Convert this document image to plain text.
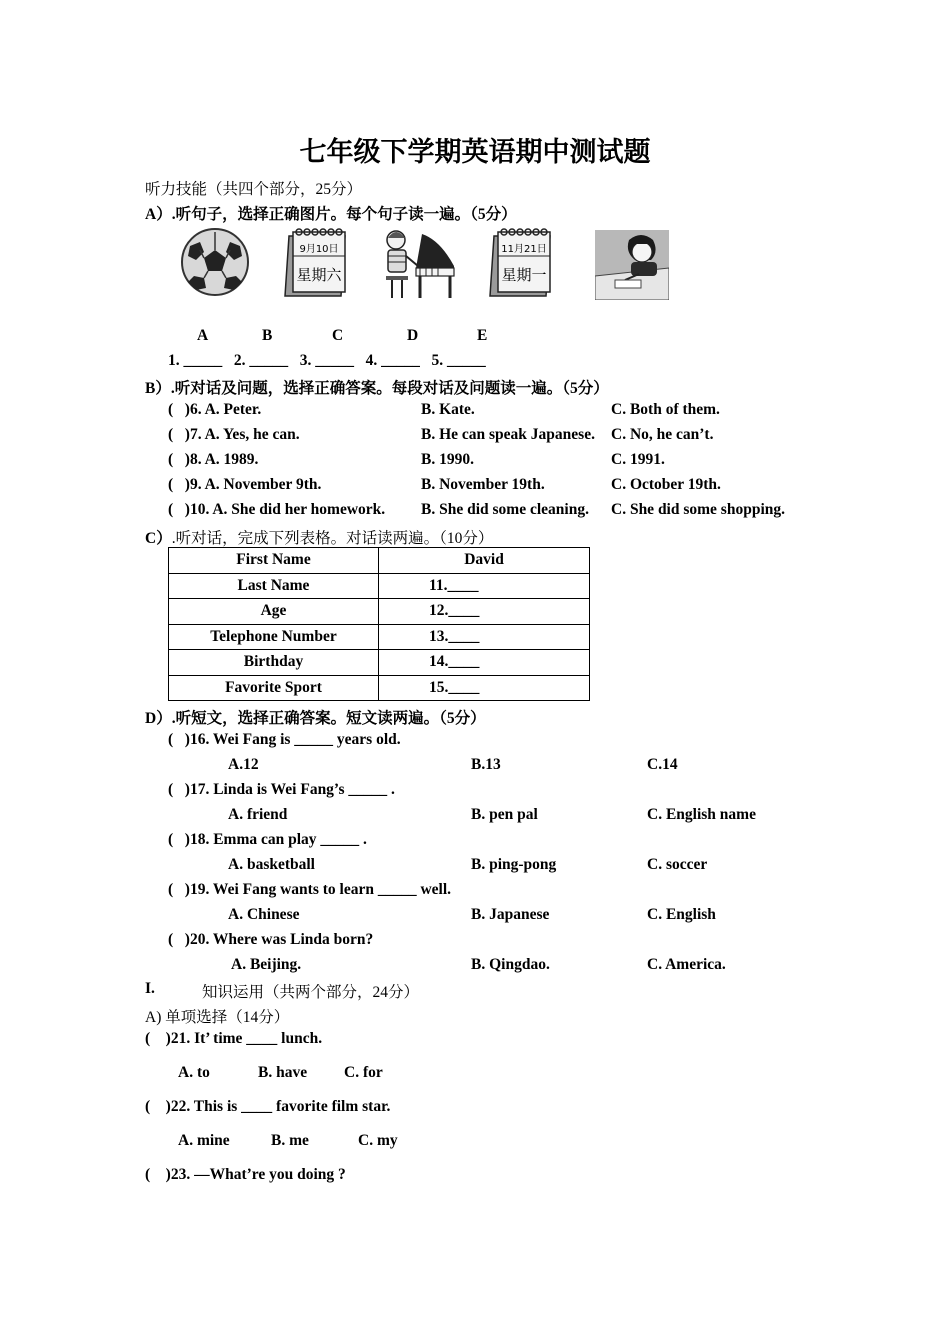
七年级下学期英语期中测试题
听力技能（共四个部分，25分）
A）.听句子，选择正确图片。每个句子读一遍。（5分）
9月10日
星期六
11月21日
星期一
A	B	C	D	E
1. _____   2. _____   3. _____   4. _____   5. _____
B）.听对话及问题，选择正确答案。每段对话及问题读一遍。（5分）
(   )6. A. Peter.	B. Kate.	C. Both of them.
(   )7. A. Yes, he can.	B. He can speak Japanese. C. No, he can’t.
(   )8. A. 1989.	B. 1990.	C. 1991.
(   )9. A. November 9th.	B. November 19th.	C. October 19th.
(   )10. A. She did her homework. B. She did some cleaning. C. She did some shopping.
C）.听对话，完成下列表格。对话读两遍。（10分）
First Name	David
Last Name	11.____
Age	12.____
Telephone Number	13.____
Birthday	14.____
Favorite Sport	15.____
D）.听短文，选择正确答案。短文读两遍。（5分）
(   )16. Wei Fang is _____ years old.
A.12	B.13	C.14
(   )17. Linda is Wei Fang’s _____ .
A. friend	B. pen pal	C. English name
(   )18. Emma can play _____ .
A. basketball	B. ping-pong	C. soccer
(   )19. Wei Fang wants to learn _____ well.
A. Chinese	B. Japanese	C. English
(   )20. Where was Linda born?
A. Beijing.	B. Qingdao.	C. America.
I.	知识运用（共两个部分，24分）
A) 单项选择（14分）
(    )21. It’ time ____ lunch.
A. to	B. have C. for
(    )22. This is ____ favorite film star.
A. mine	B. me	C. my
(    )23. —What’re you doing ?
